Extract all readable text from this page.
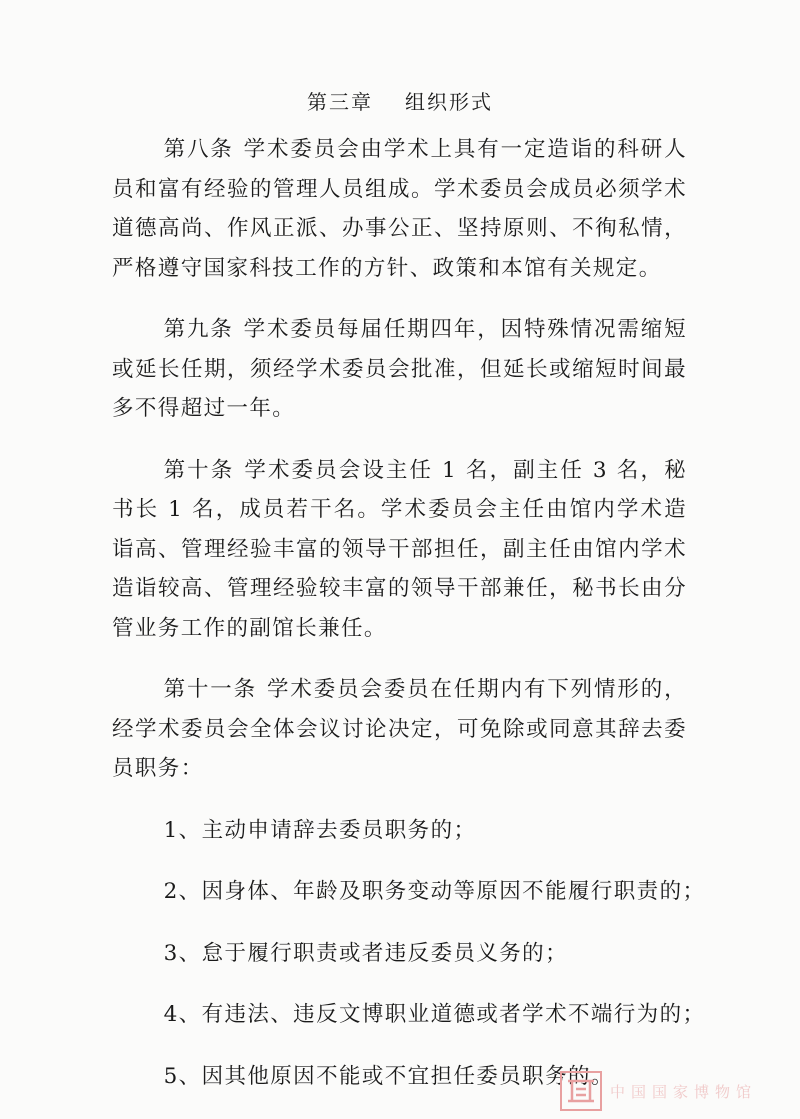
第三章 组织形式

第八条 学术委员会由学术上具有一定造诣的科研人员和富有经验的管理人员组成。学术委员会成员必须学术道德高尚、作风正派、办事公正、坚持原则、不徇私情，严格遵守国家科技工作的方针、政策和本馆有关规定。

第九条 学术委员每届任期四年，因特殊情况需缩短或延长任期，须经学术委员会批准，但延长或缩短时间最多不得超过一年。

第十条 学术委员会设主任 1 名，副主任 3 名，秘书长 1 名，成员若干名。学术委员会主任由馆内学术造诣高、管理经验丰富的领导干部担任，副主任由馆内学术造诣较高、管理经验较丰富的领导干部兼任，秘书长由分管业务工作的副馆长兼任。

第十一条 学术委员会委员在任期内有下列情形的，经学术委员会全体会议讨论决定，可免除或同意其辞去委员职务：

1、主动申请辞去委员职务的；
2、因身体、年龄及职务变动等原因不能履行职责的；
3、怠于履行职责或者违反委员义务的；
4、有违法、违反文博职业道德或者学术不端行为的；
5、因其他原因不能或不宜担任委员职务的。
中国国家博物馆
